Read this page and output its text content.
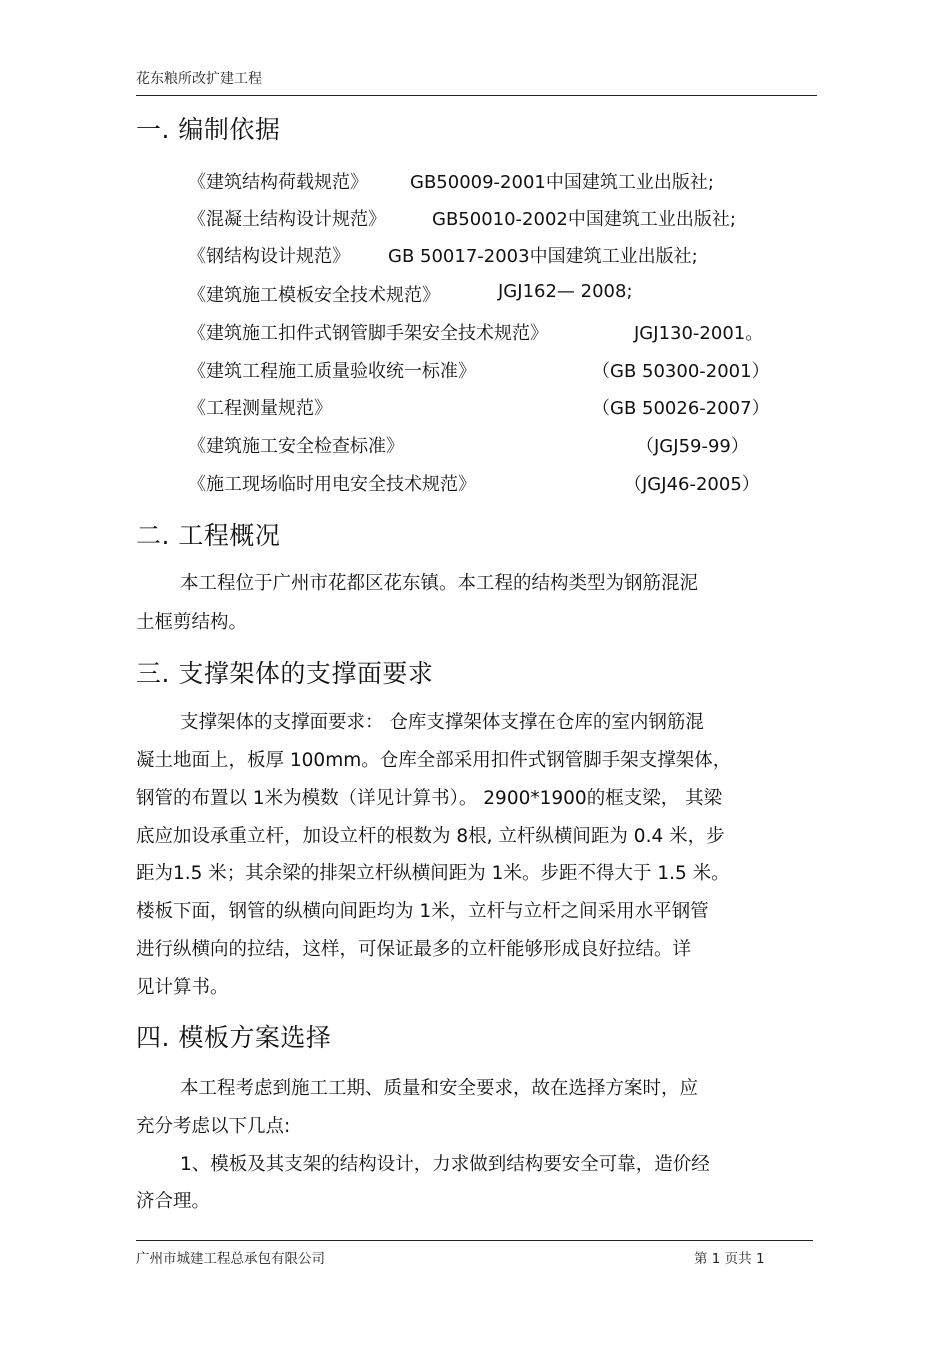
花东粮所改扩建工程
一. 编制依据
《建筑结构荷载规范》 GB50009-2001中国建筑工业出版社;
《混凝土结构设计规范》	GB50010-2002中国建筑工业出版社;
《钢结构设计规范》 GB 50017-2003中国建筑工业出版社;
《建筑施工模板安全技术规范》	JGJ162— 2008;
《建筑施工扣件式钢管脚手架安全技术规范》	JGJ130-2001。
《建筑工程施工质量验收统一标准》	（GB 50300-2001）
《工程测量规范》	（GB 50026-2007）
《建筑施工安全检查标准》	（JGJ59-99）
《施工现场临时用电安全技术规范》	（JGJ46-2005）
二. 工程概况
本工程位于广州市花都区花东镇。本工程的结构类型为钢筋混泥
土框剪结构。
三. 支撑架体的支撑面要求
支撑架体的支撑面要求： 仓库支撑架体支撑在仓库的室内钢筋混
凝土地面上，板厚 100mm。仓库全部采用扣件式钢管脚手架支撑架体，
钢管的布置以 1米为模数（详见计算书）。 2900*1900的框支梁， 其梁
底应加设承重立杆，加设立杆的根数为 8根, 立杆纵横间距为 0.4 米，步
距为1.5 米；其余梁的排架立杆纵横间距为 1米。步距不得大于 1.5 米。
楼板下面，钢管的纵横向间距均为 1米，立杆与立杆之间采用水平钢管
进行纵横向的拉结，这样，可保证最多的立杆能够形成良好拉结。详
见计算书。
四. 模板方案选择
本工程考虑到施工工期、质量和安全要求，故在选择方案时，应
充分考虑以下几点:
1、模板及其支架的结构设计，力求做到结构要安全可靠，造价经
济合理。
广州市城建工程总承包有限公司	第 1 页共 1
